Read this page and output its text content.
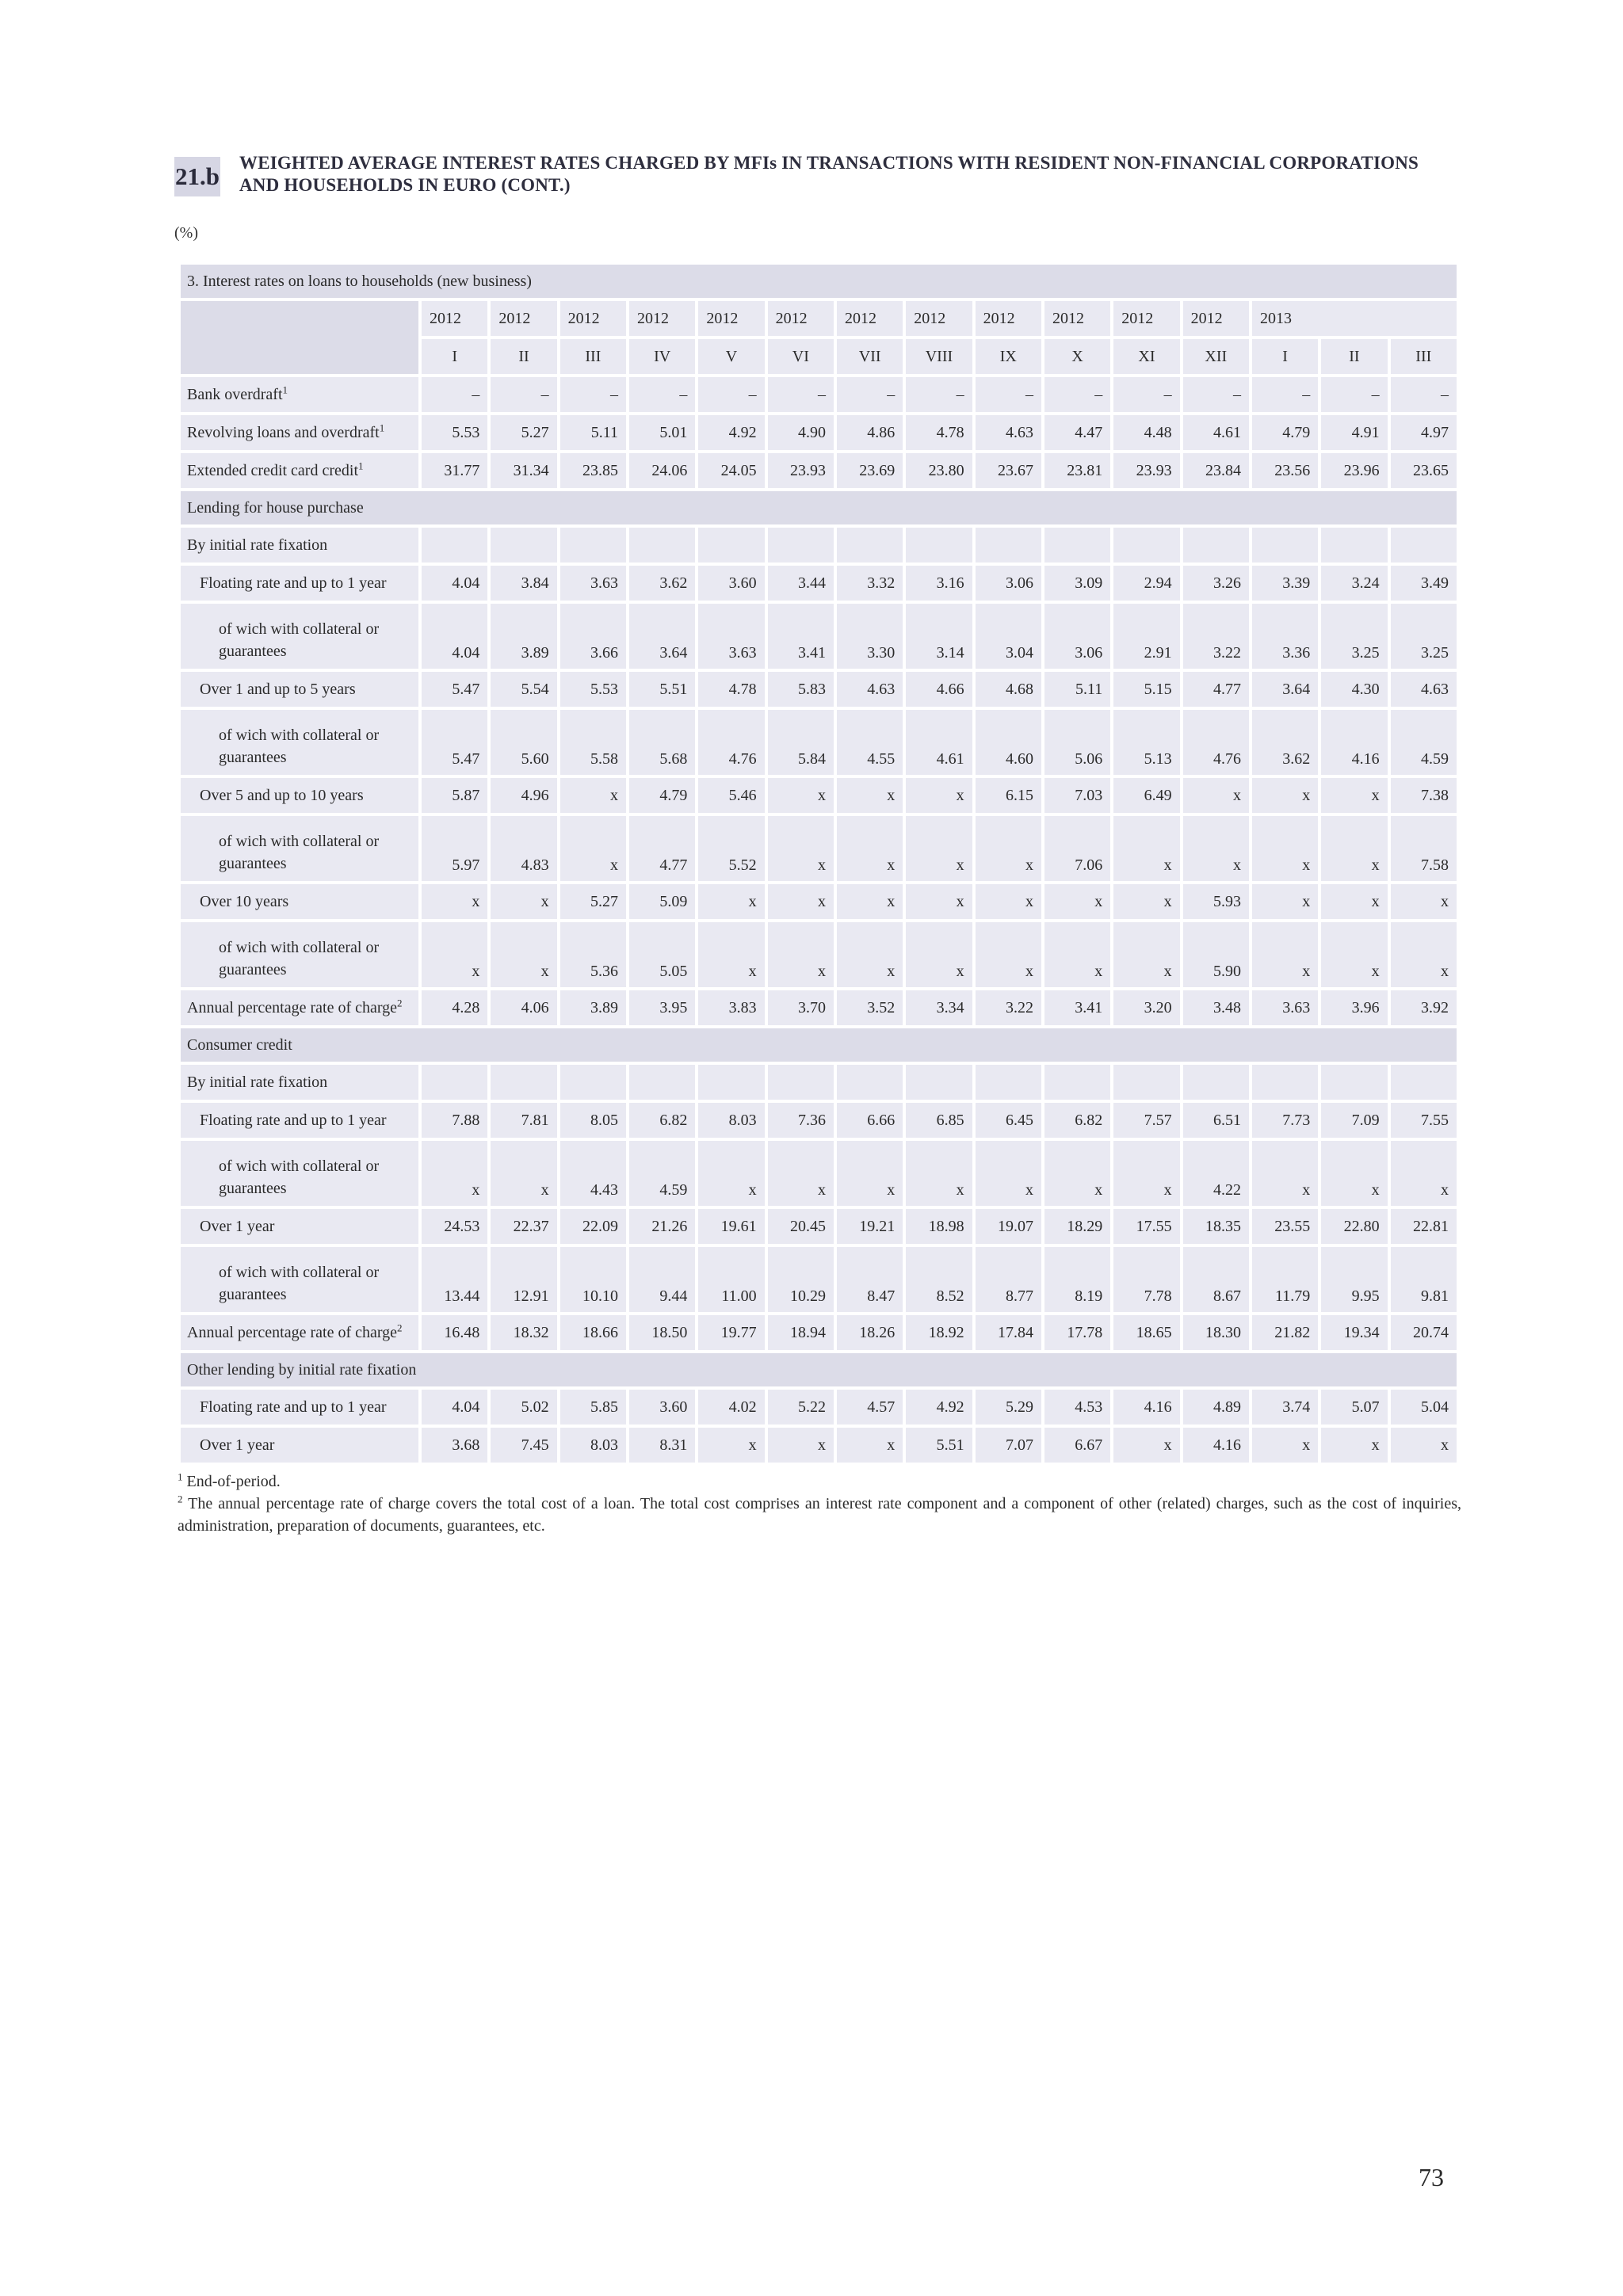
21.b WEIGHTED AVERAGE INTEREST RATES CHARGED BY MFIs IN TRANSACTIONS WITH RESIDENT NON-FINANCIAL CORPORATIONS AND HOUSEHOLDS IN EURO (CONT.)
(%)
3. Interest rates on loans to households (new business)															
	2012	2012	2012	2012	2012	2012	2012	2012	2012	2012	2012	2012	2013		
	I	II	III	IV	V	VI	VII	VIII	IX	X	XI	XII	I	II	III
Bank overdraft$^1$	–	–	–	–	–	–	–	–	–	–	–	–	–	–	–
Revolving loans and overdraft$^1$	5.53	5.27	5.11	5.01	4.92	4.90	4.86	4.78	4.63	4.47	4.48	4.61	4.79	4.91	4.97
Extended credit card credit$^1$	31.77	31.34	23.85	24.06	24.05	23.93	23.69	23.80	23.67	23.81	23.93	23.84	23.56	23.96	23.65
Lending for house purchase															
By initial rate fixation															
Floating rate and up to 1 year	4.04	3.84	3.63	3.62	3.60	3.44	3.32	3.16	3.06	3.09	2.94	3.26	3.39	3.24	3.49
of wich with collateral or guarantees	4.04	3.89	3.66	3.64	3.63	3.41	3.30	3.14	3.04	3.06	2.91	3.22	3.36	3.25	3.25
Over 1 and up to 5 years	5.47	5.54	5.53	5.51	4.78	5.83	4.63	4.66	4.68	5.11	5.15	4.77	3.64	4.30	4.63
of wich with collateral or guarantees	5.47	5.60	5.58	5.68	4.76	5.84	4.55	4.61	4.60	5.06	5.13	4.76	3.62	4.16	4.59
Over 5 and up to 10 years	5.87	4.96	x	4.79	5.46	x	x	x	6.15	7.03	6.49	x	x	x	7.38
of wich with collateral or guarantees	5.97	4.83	x	4.77	5.52	x	x	x	x	7.06	x	x	x	x	7.58
Over 10 years	x	x	5.27	5.09	x	x	x	x	x	x	x	5.93	x	x	x
of wich with collateral or guarantees	x	x	5.36	5.05	x	x	x	x	x	x	x	5.90	x	x	x
Annual percentage rate of charge$^2$	4.28	4.06	3.89	3.95	3.83	3.70	3.52	3.34	3.22	3.41	3.20	3.48	3.63	3.96	3.92
Consumer credit															
By initial rate fixation															
Floating rate and up to 1 year	7.88	7.81	8.05	6.82	8.03	7.36	6.66	6.85	6.45	6.82	7.57	6.51	7.73	7.09	7.55
of wich with collateral or guarantees	x	x	4.43	4.59	x	x	x	x	x	x	x	4.22	x	x	x
Over 1 year	24.53	22.37	22.09	21.26	19.61	20.45	19.21	18.98	19.07	18.29	17.55	18.35	23.55	22.80	22.81
of wich with collateral or guarantees	13.44	12.91	10.10	9.44	11.00	10.29	8.47	8.52	8.77	8.19	7.78	8.67	11.79	9.95	9.81
Annual percentage rate of charge$^2$	16.48	18.32	18.66	18.50	19.77	18.94	18.26	18.92	17.84	17.78	18.65	18.30	21.82	19.34	20.74
Other lending by initial rate fixation															
Floating rate and up to 1 year	4.04	5.02	5.85	3.60	4.02	5.22	4.57	4.92	5.29	4.53	4.16	4.89	3.74	5.07	5.04
Over 1 year	3.68	7.45	8.03	8.31	x	x	x	5.51	7.07	6.67	x	4.16	x	x	x

$^1$ End-of-period.

$^2$ The annual percentage rate of charge covers the total cost of a loan. The total cost comprises an interest rate component and a component of other (related) charges, such as the cost of inquiries, administration, preparation of documents, guarantees, etc.

73
